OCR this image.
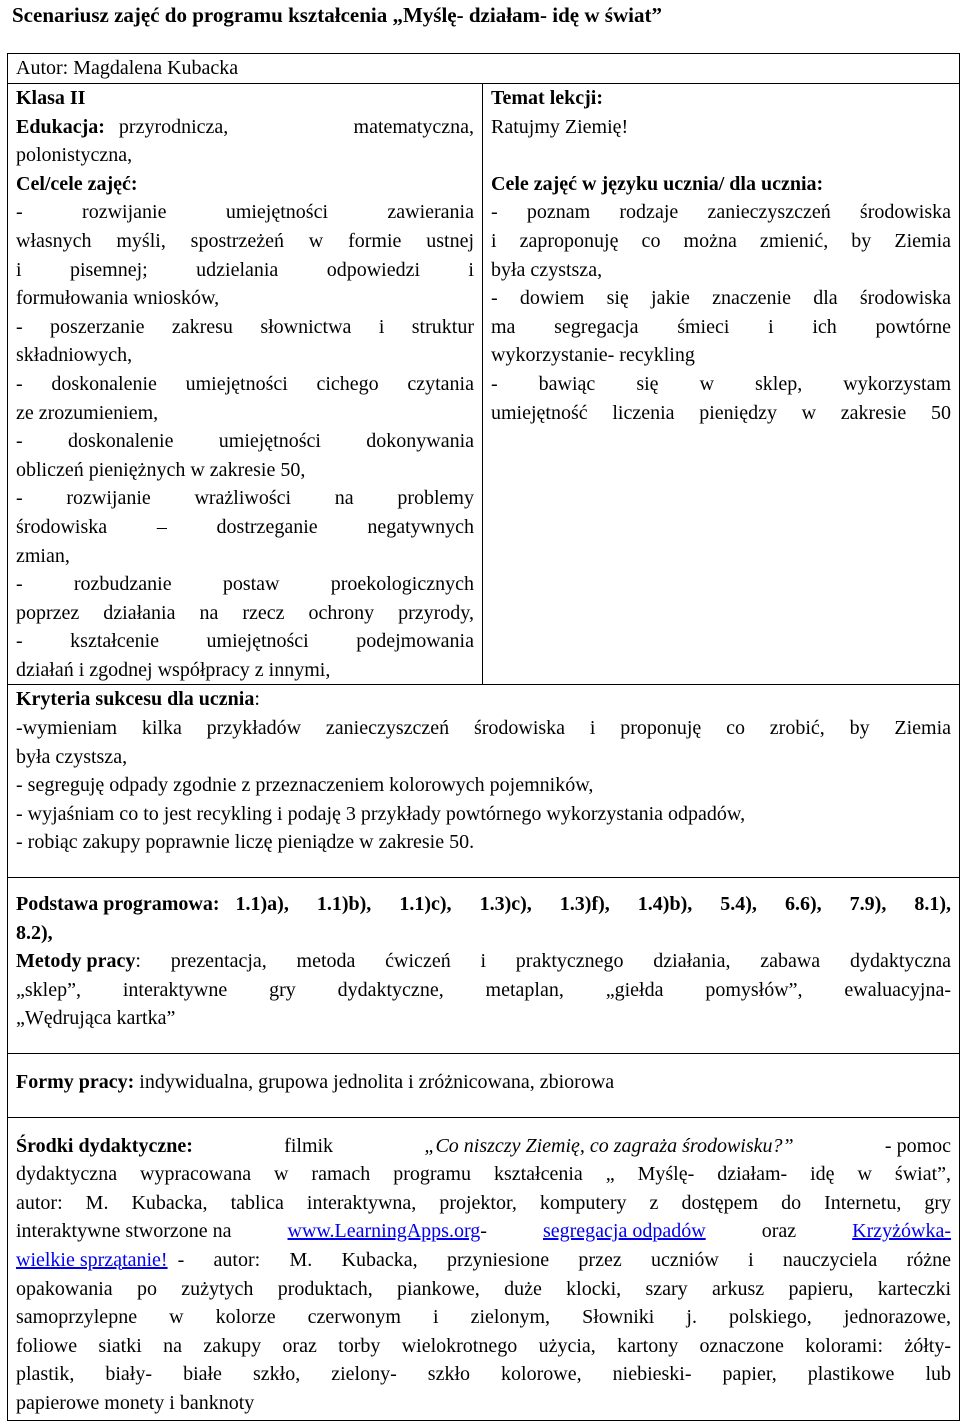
Scenariusz zajęć do programu kształcenia „Myślę- działam- idę w świat”
Autor: Magdalena Kubacka

Klasa II
Edukacja: przyrodnicza, matematyczna,
polonistyczna,
Cel/cele zajęć:
- rozwijanie umiejętności zawierania
własnych myśli, spostrzeżeń w formie ustnej
i pisemnej; udzielania odpowiedzi i
formułowania wniosków,
- poszerzanie zakresu słownictwa i struktur
składniowych,
- doskonalenie umiejętności cichego czytania
ze zrozumieniem,
- doskonalenie umiejętności dokonywania
obliczeń pieniężnych w zakresie 50,
- rozwijanie wrażliwości na problemy
środowiska – dostrzeganie negatywnych
zmian,
- rozbudzanie postaw proekologicznych
poprzez działania na rzecz ochrony przyrody,
- kształcenie umiejętności podejmowania
działań i zgodnej współpracy z innymi,

Temat lekcji:
Ratujmy Ziemię!
Cele zajęć w języku ucznia/ dla ucznia:
- poznam rodzaje zanieczyszczeń środowiska
i zaproponuję co można zmienić, by Ziemia
była czystsza,
- dowiem się jakie znaczenie dla środowiska
ma segregacja śmieci i ich powtórne
wykorzystanie- recykling
- bawiąc się w sklep, wykorzystam
umiejętność liczenia pieniędzy w zakresie 50

Kryteria sukcesu dla ucznia:
-wymieniam kilka przykładów zanieczyszczeń środowiska i proponuję co zrobić, by Ziemia
była czystsza,
- segreguję odpady zgodnie z przeznaczeniem kolorowych pojemników,
- wyjaśniam co to jest recykling i podaję 3 przykłady powtórnego wykorzystania odpadów,
- robiąc zakupy poprawnie liczę pieniądze w zakresie 50.

Podstawa programowa: 1.1)a), 1.1)b), 1.1)c), 1.3)c), 1.3)f), 1.4)b), 5.4), 6.6), 7.9), 8.1),
8.2),
Metody pracy : prezentacja, metoda ćwiczeń i praktycznego działania, zabawa dydaktyczna
„sklep”, interaktywne gry dydaktyczne, metaplan, „giełda pomysłów”, ewaluacyjna-
„Wędrująca kartka”

Formy pracy: indywidualna, grupowa jednolita i zróżnicowana, zbiorowa

Środki dydaktyczne:	filmik	„Co niszczy Ziemię, co zagraża środowisku?”	- pomoc
dydaktyczna wypracowana w ramach programu kształcenia „ Myślę- działam- idę w świat”,
autor: M. Kubacka, tablica interaktywna, projektor, komputery z dostępem do Internetu, gry
interaktywne stworzone na	www.LearningApps.org-	segregacja odpadów	oraz	Krzyżówka-
wielkie sprzątanie! - autor: M. Kubacka, przyniesione przez uczniów i nauczyciela różne
opakowania po zużytych produktach, piankowe, duże klocki, szary arkusz papieru, karteczki
samoprzylepne w kolorze czerwonym i zielonym, Słowniki j. polskiego, jednorazowe,
foliowe siatki na zakupy oraz torby wielokrotnego użycia, kartony oznaczone kolorami: żółty-
plastik, biały- białe szkło, zielony- szkło kolorowe, niebieski- papier, plastikowe lub
papierowe monety i banknoty
